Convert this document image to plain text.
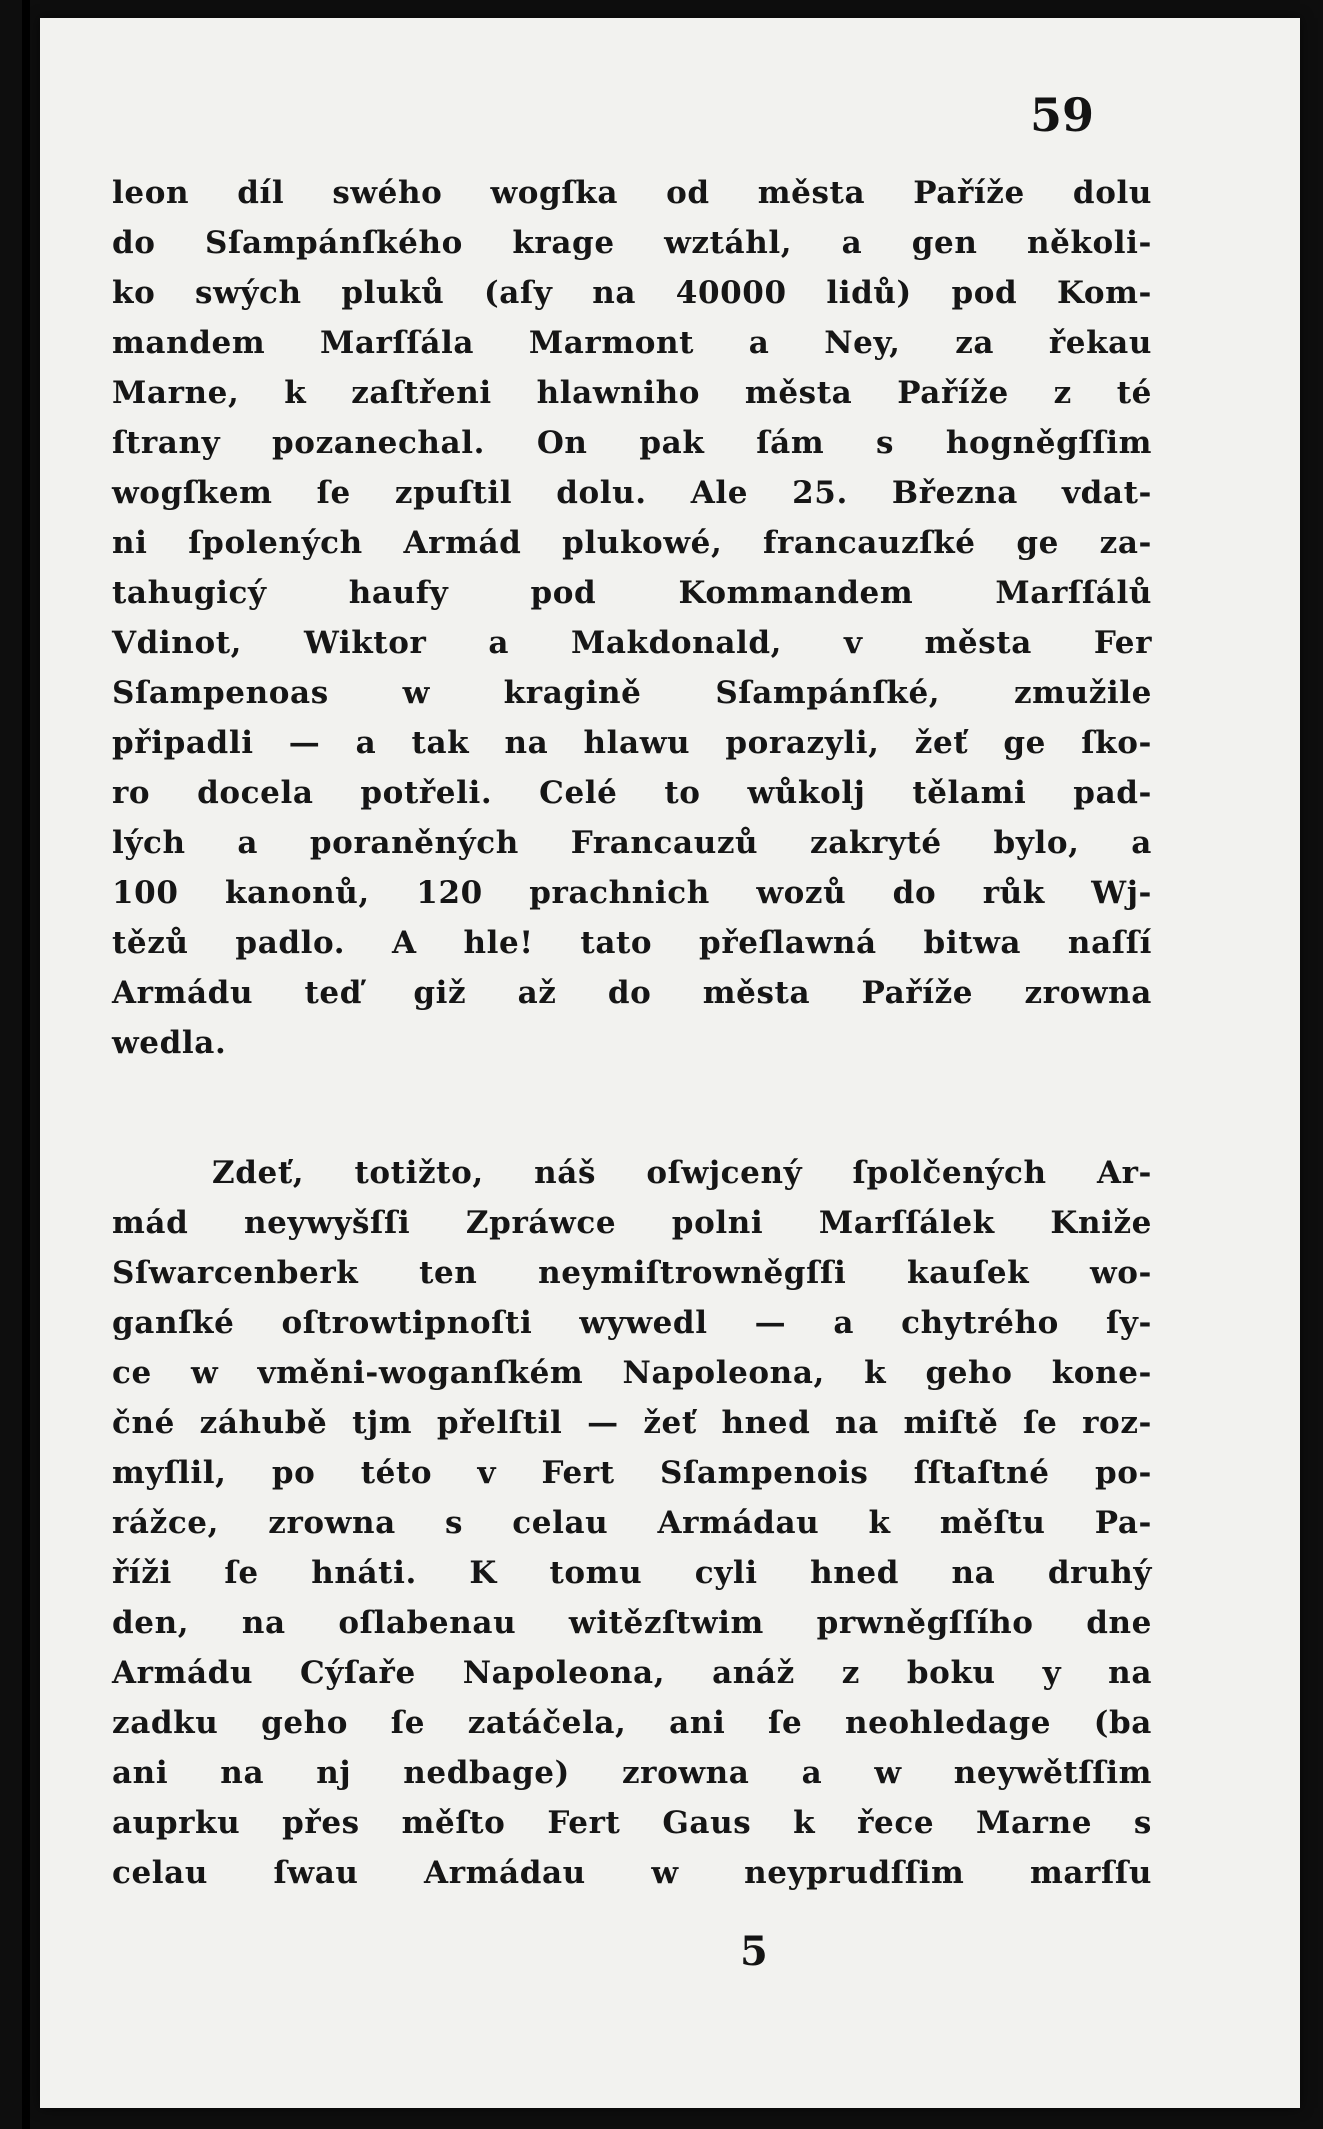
59
leon díl swého wogſka od města Paříže dolu
do Sſampánſkého krage wztáhl, a gen několi-
ko swých pluků (aſy na 40000 lidů) pod Kom-
mandem Marſſála Marmont a Ney, za řekau
Marne, k zaſtřeni hlawniho města Paříže z té
ſtrany pozanechal. On pak ſám s hogněgſſim
wogſkem ſe zpuſtil dolu. Ale 25. Března vdat-
ni ſpolených Armád plukowé, francauzſké ge za-
tahugicý haufy pod Kommandem Marſſálů
Vdinot, Wiktor a Makdonald, v města Fer
Sſampenoas w kragině Sſampánſké, zmužile
připadli — a tak na hlawu porazyli, žeť ge ſko-
ro docela potřeli. Celé to wůkolj tělami pad-
lých a poraněných Francauzů zakryté bylo, a
100 kanonů, 120 prachnich wozů do růk Wj-
tězů padlo. A hle! tato přeſlawná bitwa naſſí
Armádu teď giž až do města Paříže zrowna
wedla.
Zdeť, totižto, náš oſwjcený ſpolčených Ar-
mád neywyšſſi Zpráwce polni Marſſálek Kniže
Sſwarcenberk ten neymiſtrowněgſſi kauſek wo-
ganſké oſtrowtipnoſti wywedl — a chytrého ſy-
ce w vměni-woganſkém Napoleona, k geho kone-
čné záhubě tjm přelſtil — žeť hned na miſtě ſe roz-
myſlil, po této v Fert Sſampenois ſſtaſtné po-
rážce, zrowna s celau Armádau k měſtu Pa-
říži ſe hnáti. K tomu cyli hned na druhý
den, na oſlabenau witězſtwim prwněgſſího dne
Armádu Cýſaře Napoleona, anáž z boku y na
zadku geho ſe zatáčela, ani ſe neohledage (ba
ani na nj nedbage) zrowna a w neywětſſim
auprku přes měſto Fert Gaus k řece Marne s
celau ſwau Armádau w neyprudſſim marſſu
5
